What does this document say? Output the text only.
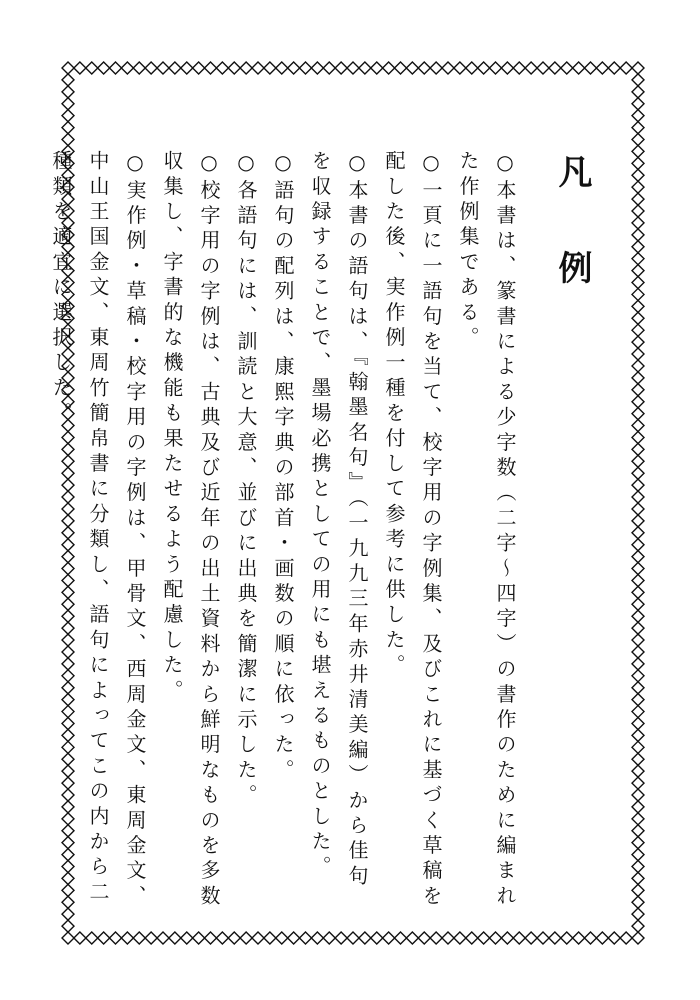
凡　例
○本書は、篆書による少字数（二字〜四字）の書作のために編まれた作例集である。
○一頁に一語句を当て、校字用の字例集、及びこれに基づく草稿を配した後、実作例一種を付して参考に供した。
○本書の語句は、『翰墨名句』（一九九三年赤井清美編）から佳句を収録することで、墨場必携としての用にも堪えるものとした。
○語句の配列は、康熙字典の部首・画数の順に依った。
○各語句には、訓読と大意、並びに出典を簡潔に示した。
○校字用の字例は、古典及び近年の出土資料から鮮明なものを多数収集し、字書的な機能も果たせるよう配慮した。
○実作例・草稿・校字用の字例は、甲骨文、西周金文、東周金文、中山王国金文、東周竹簡帛書に分類し、語句によってこの内から二種類を適宜に選択した。
